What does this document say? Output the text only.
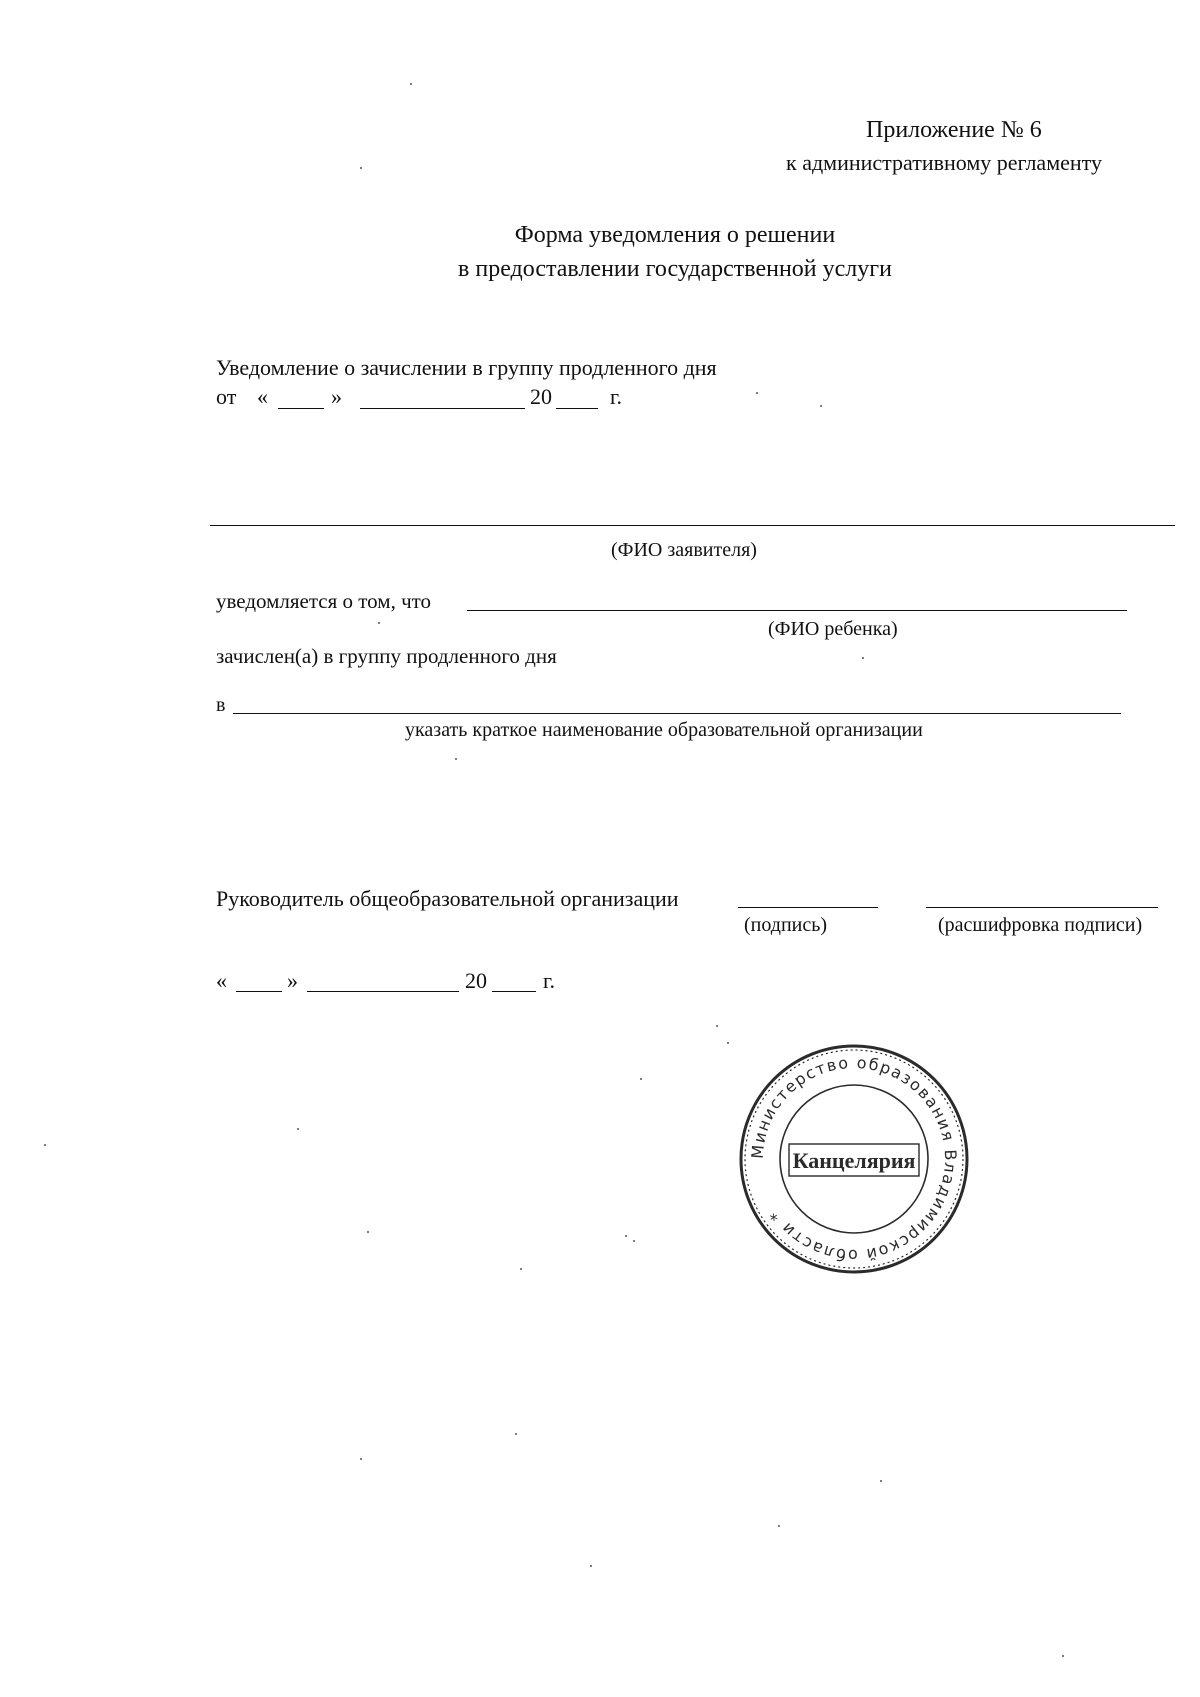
Приложение № 6
к административному регламенту
Форма уведомления о решении
в предоставлении государственной услуги
Уведомление о зачислении в группу продленного дня
от «	»	20	г.
(ФИО заявителя)
уведомляется о том, что
(ФИО ребенка)
зачислен(а) в группу продленного дня
в
указать краткое наименование образовательной организации
Руководитель общеобразовательной организации
(подпись)	(расшифровка подписи)
«	»	20	г.
Министерство образования Владимирской области *
Канцелярия
